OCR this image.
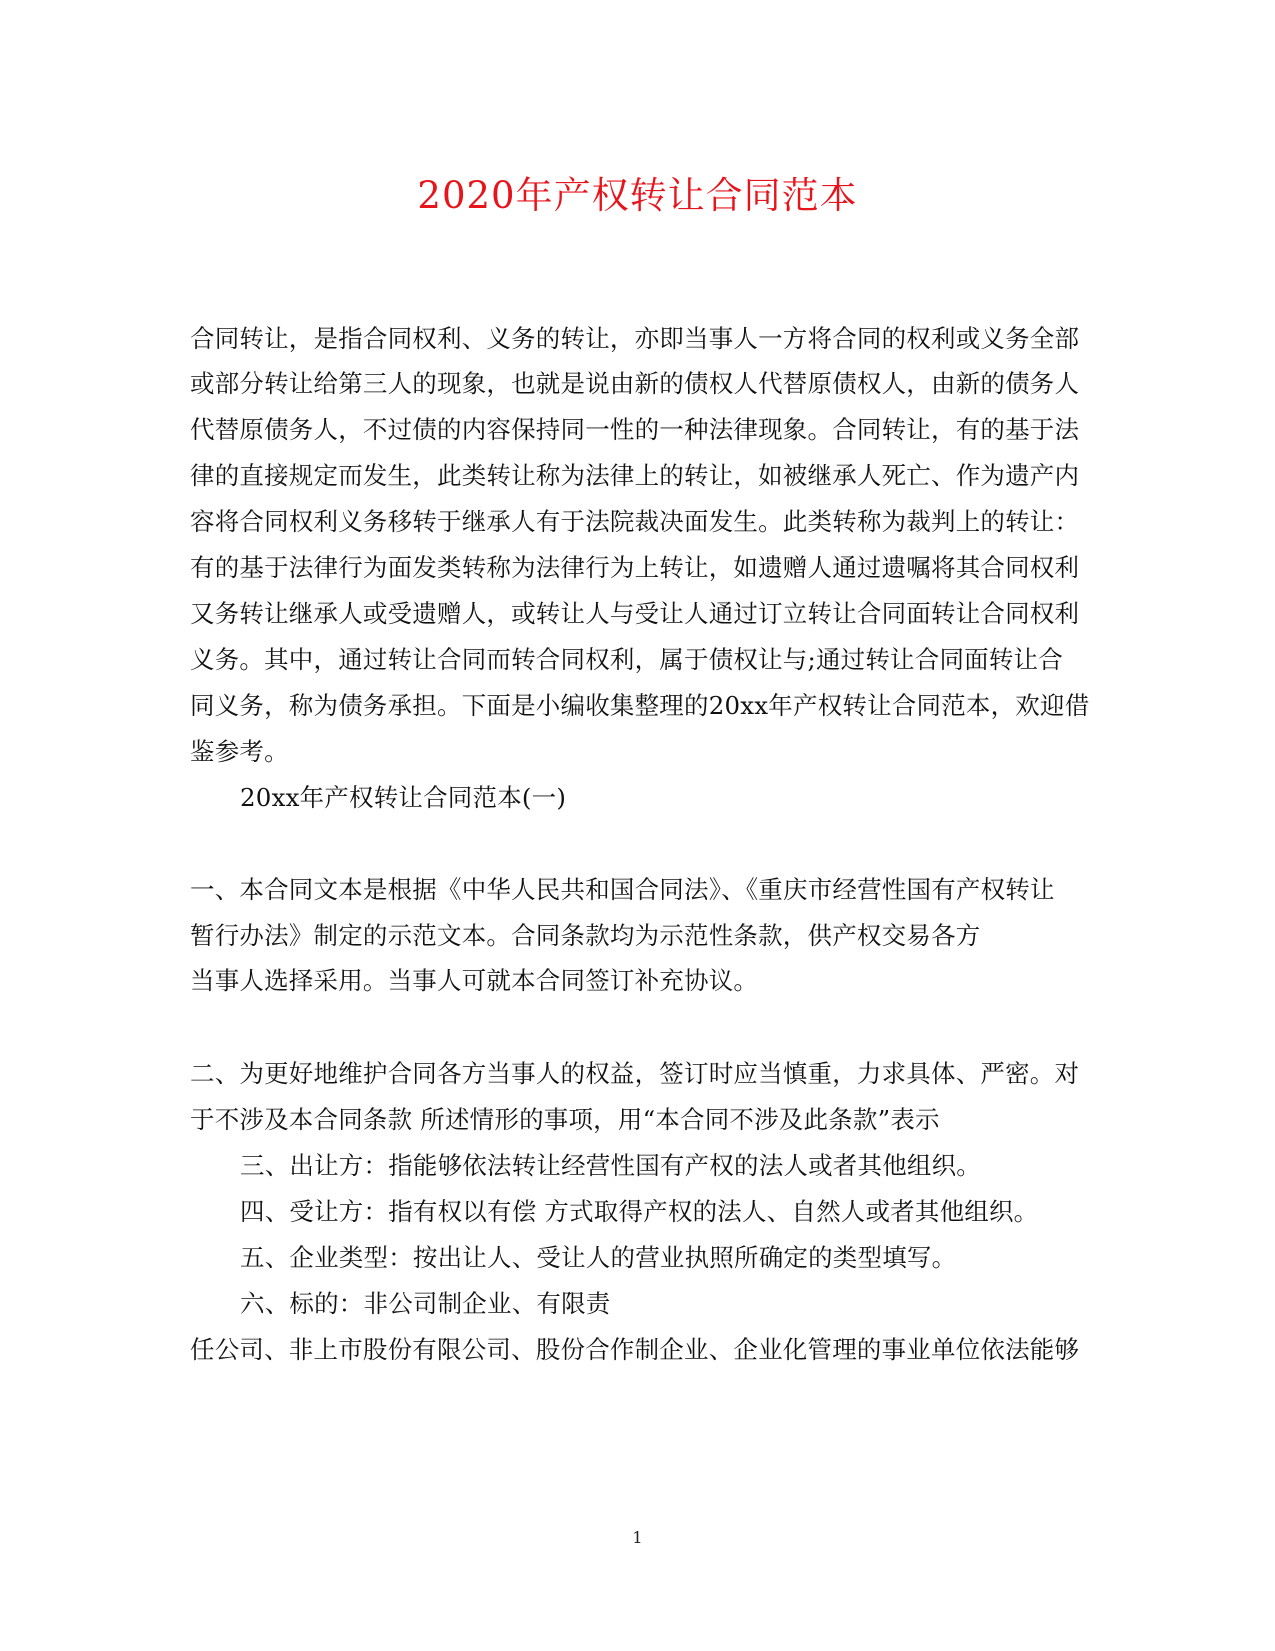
2020年产权转让合同范本
合同转让，是指合同权利、义务的转让，亦即当事人一方将合同的权利或义务全部
或部分转让给第三人的现象，也就是说由新的债权人代替原债权人，由新的债务人
代替原债务人，不过债的内容保持同一性的一种法律现象。合同转让，有的基于法
律的直接规定而发生，此类转让称为法律上的转让，如被继承人死亡、作为遗产内
容将合同权利义务移转于继承人有于法院裁决面发生。此类转称为裁判上的转让：
有的基于法律行为面发类转称为法律行为上转让，如遗赠人通过遗嘱将其合同权利
又务转让继承人或受遗赠人，或转让人与受让人通过订立转让合同面转让合同权利
义务。其中，通过转让合同而转合同权利，属于债权让与;通过转让合同面转让合
同义务，称为债务承担。下面是小编收集整理的20xx年产权转让合同范本，欢迎借
鉴参考。
20xx年产权转让合同范本(一)
一、本合同文本是根据《中华人民共和国合同法》、《重庆市经营性国有产权转让
暂行办法》制定的示范文本。合同条款均为示范性条款，供产权交易各方
当事人选择采用。当事人可就本合同签订补充协议。
二、为更好地维护合同各方当事人的权益，签订时应当慎重，力求具体、严密。对
于不涉及本合同条款 所述情形的事项，用“本合同不涉及此条款”表示
三、出让方：指能够依法转让经营性国有产权的法人或者其他组织。
四、受让方：指有权以有偿 方式取得产权的法人、自然人或者其他组织。
五、企业类型：按出让人、受让人的营业执照所确定的类型填写。
六、标的：非公司制企业、有限责
任公司、非上市股份有限公司、股份合作制企业、企业化管理的事业单位依法能够
1
